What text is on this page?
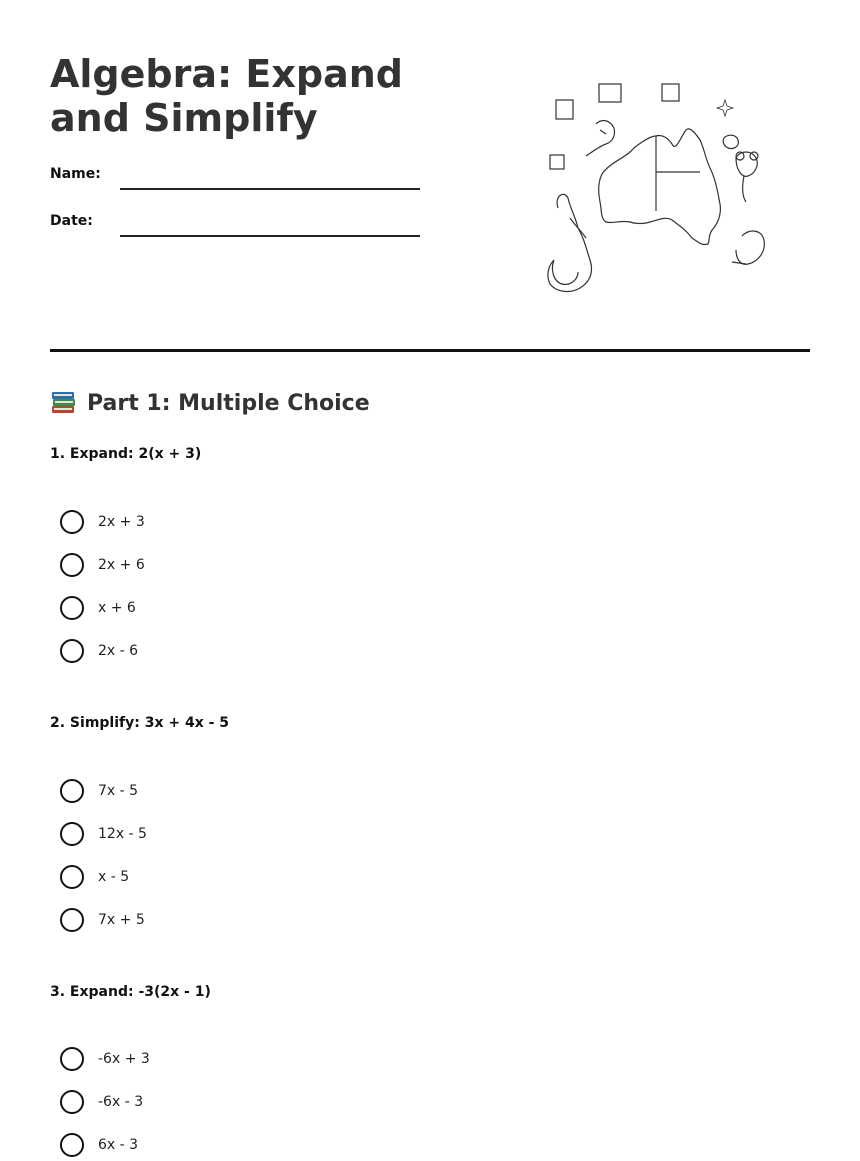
Algebra: Expand and Simplify
Name:
Date:
Part 1: Multiple Choice
1. Expand: 2(x + 3)
2x + 3
2x + 6
x + 6
2x - 6
2. Simplify: 3x + 4x - 5
7x - 5
12x - 5
x - 5
7x + 5
3. Expand: -3(2x - 1)
-6x + 3
-6x - 3
6x - 3
